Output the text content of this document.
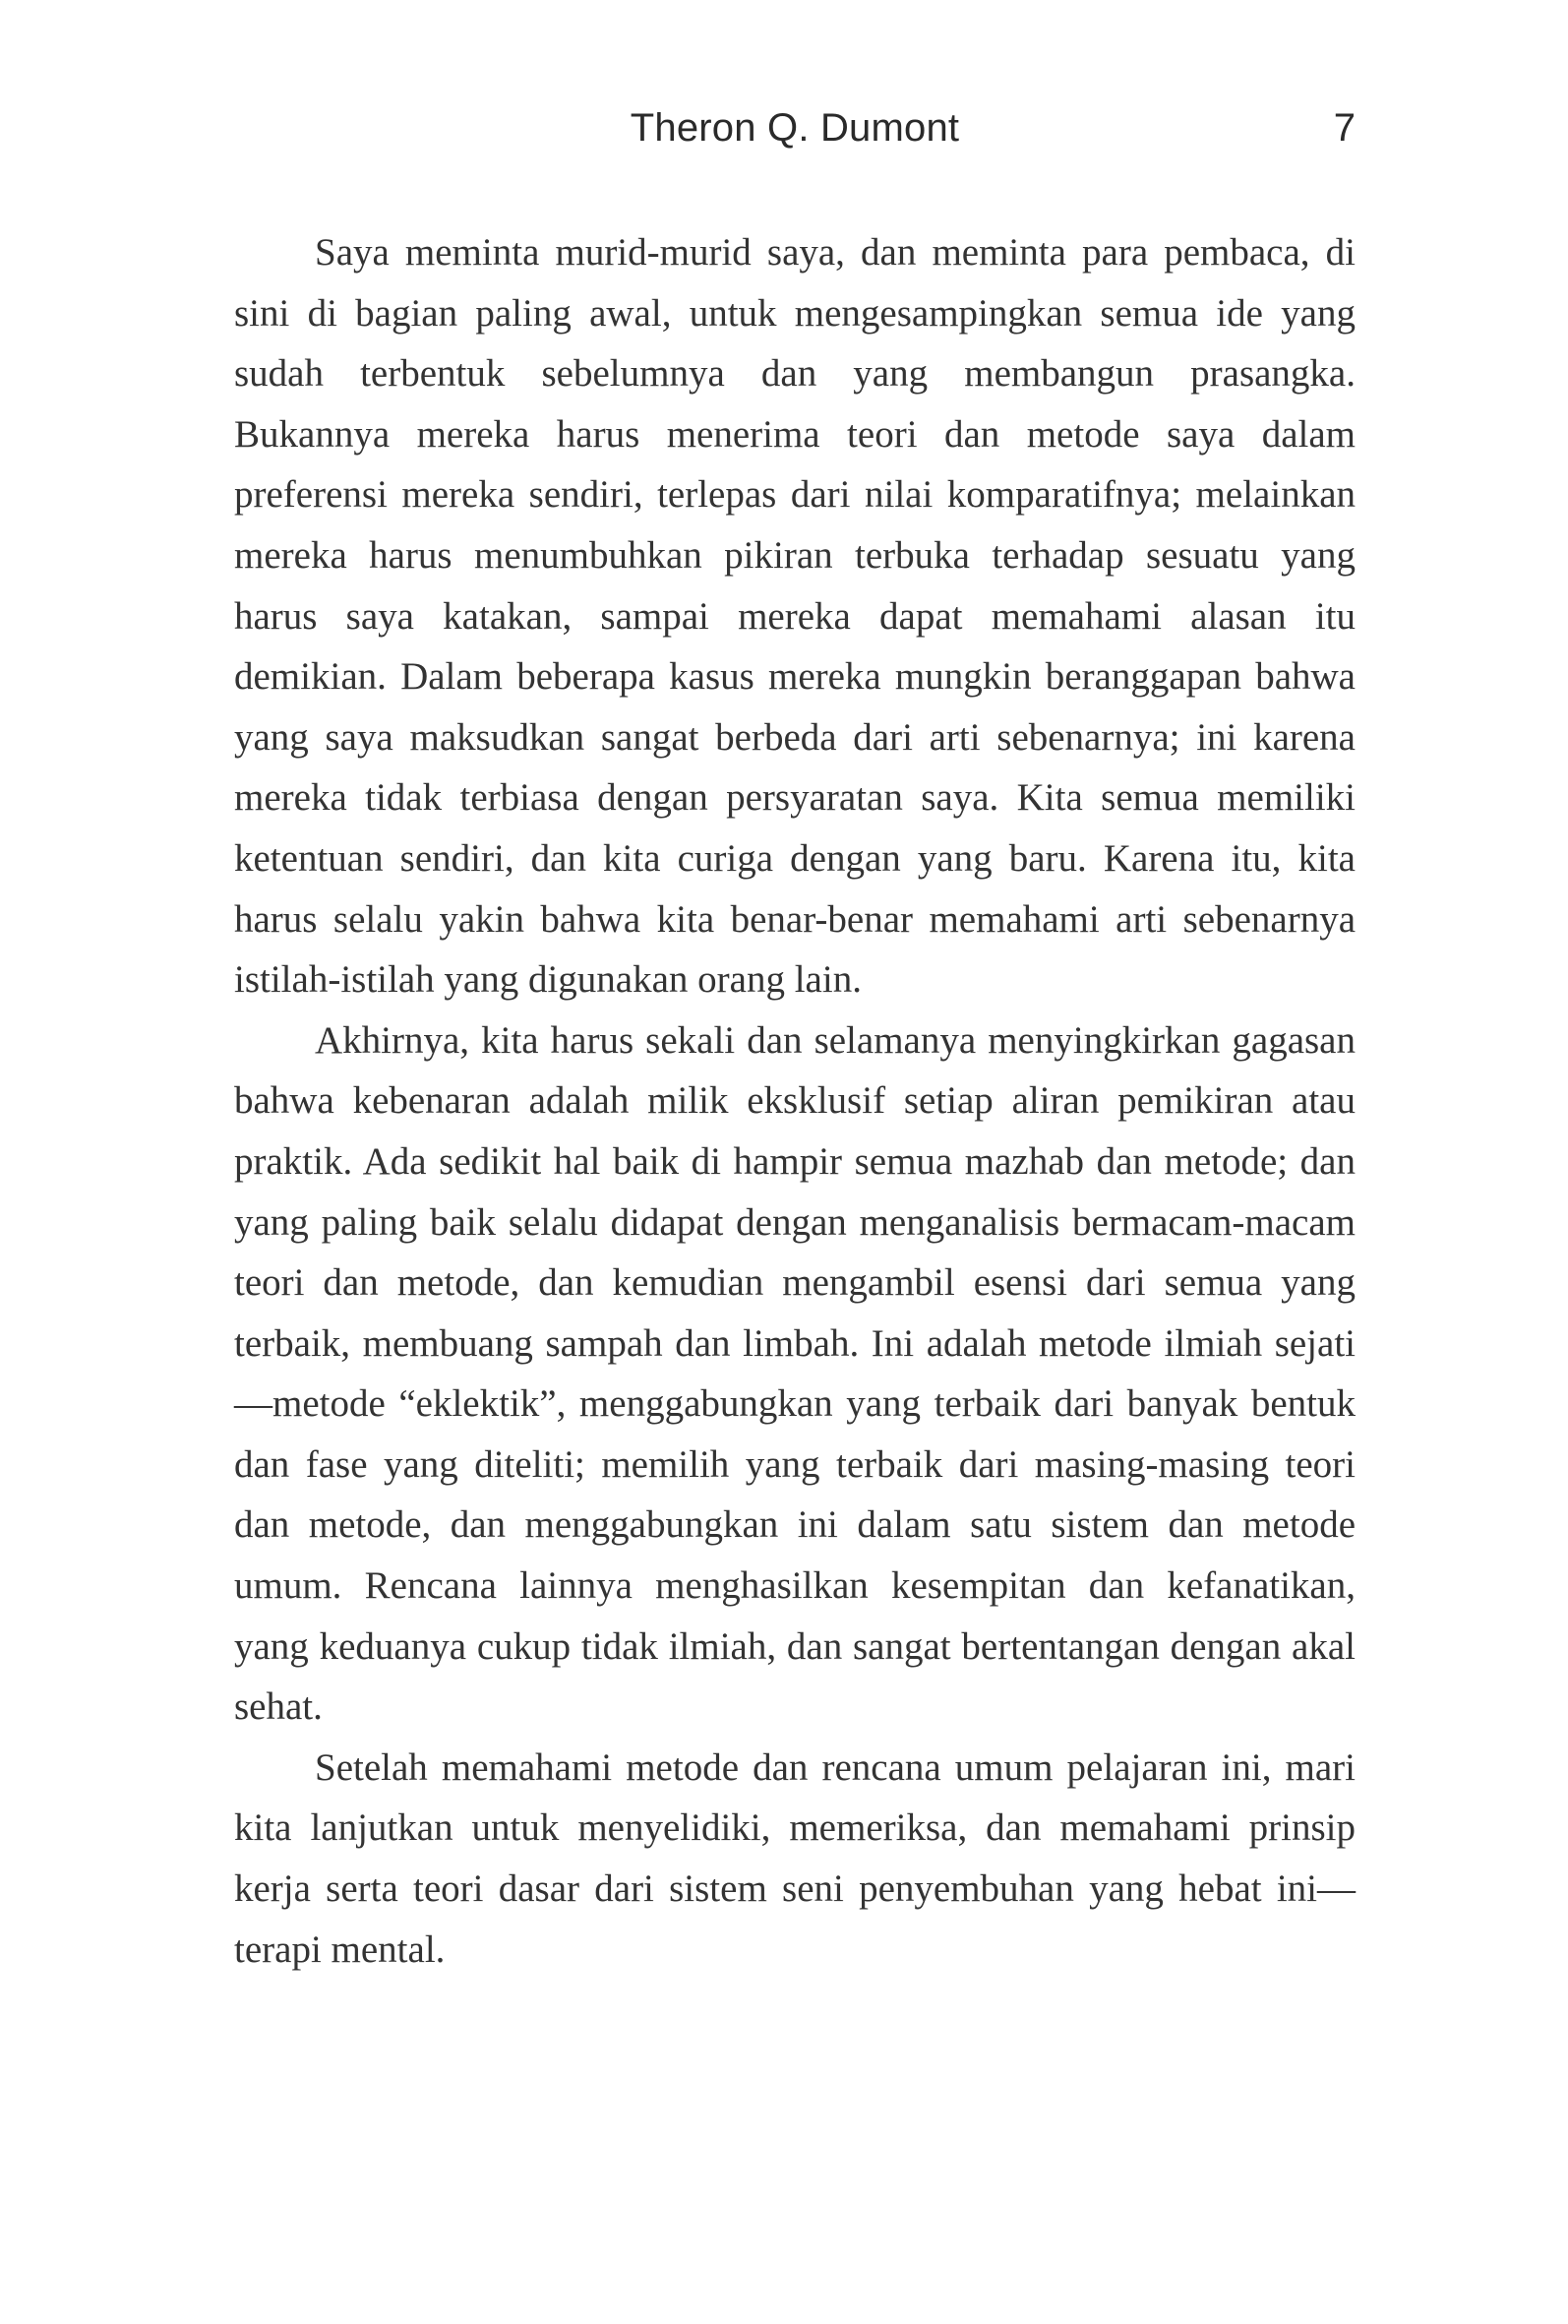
Theron Q. Dumont	7

Saya meminta murid-murid saya, dan meminta para pembaca, di sini di bagian paling awal, untuk mengesampingkan semua ide yang sudah terbentuk sebelumnya dan yang membangun prasangka. Bukannya mereka harus menerima teori dan metode saya dalam preferensi mereka sendiri, terlepas dari nilai komparatifnya; melainkan mereka harus menumbuhkan pikiran terbuka terhadap sesuatu yang harus saya katakan, sampai mereka dapat memahami alasan itu demikian. Dalam beberapa kasus mereka mungkin beranggapan bahwa yang saya maksudkan sangat berbeda dari arti sebenarnya; ini karena mereka tidak terbiasa dengan persyaratan saya. Kita semua memiliki ketentuan sendiri, dan kita curiga dengan yang baru. Karena itu, kita harus selalu yakin bahwa kita benar-benar memahami arti sebenarnya istilah-istilah yang digunakan orang lain.

Akhirnya, kita harus sekali dan selamanya menyingkirkan gagasan bahwa kebenaran adalah milik eksklusif setiap aliran pemikiran atau praktik. Ada sedikit hal baik di hampir semua mazhab dan metode; dan yang paling baik selalu didapat dengan menganalisis bermacam-macam teori dan metode, dan kemudian mengambil esensi dari semua yang terbaik, membuang sampah dan limbah. Ini adalah metode ilmiah sejati—metode “eklektik”, menggabungkan yang terbaik dari banyak bentuk dan fase yang diteliti; memilih yang terbaik dari masing-masing teori dan metode, dan menggabungkan ini dalam satu sistem dan metode umum. Rencana lainnya menghasilkan kesempitan dan kefanatikan, yang keduanya cukup tidak ilmiah, dan sangat bertentangan dengan akal sehat.

Setelah memahami metode dan rencana umum pelajaran ini, mari kita lanjutkan untuk menyelidiki, memeriksa, dan memahami prinsip kerja serta teori dasar dari sistem seni penyembuhan yang hebat ini—terapi mental.
